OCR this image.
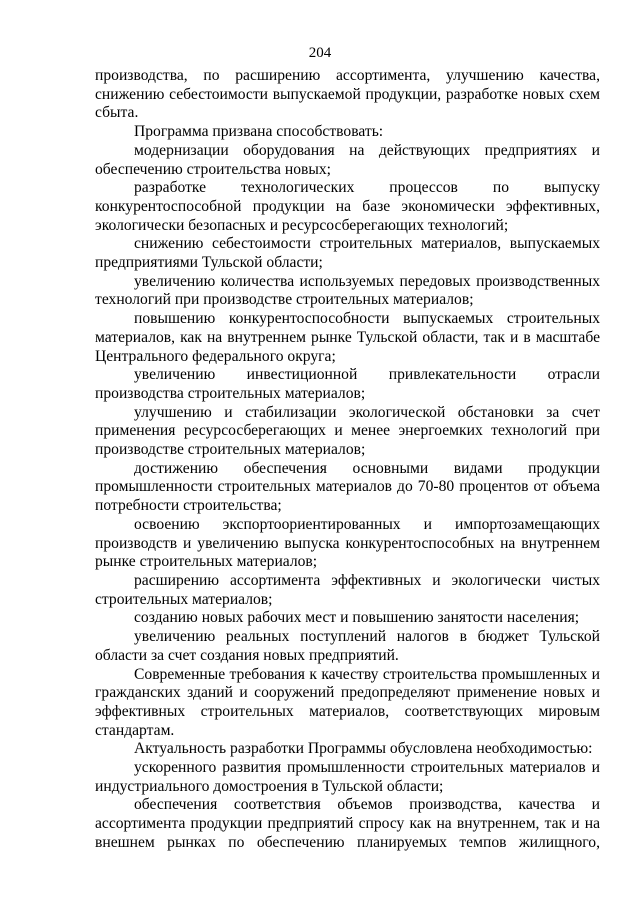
204

производства, по расширению ассортимента, улучшению качества, снижению себестоимости выпускаемой продукции, разработке новых схем сбыта.

Программа призвана способствовать:

модернизации оборудования на действующих предприятиях и обеспечению строительства новых;

разработке технологических процессов по выпуску конкурентоспособной продукции на базе экономически эффективных, экологически безопасных и ресурсосберегающих технологий;

снижению себестоимости строительных материалов, выпускаемых предприятиями Тульской области;

увеличению количества используемых передовых производственных технологий при производстве строительных материалов;

повышению конкурентоспособности выпускаемых строительных материалов, как на внутреннем рынке Тульской области, так и в масштабе Центрального федерального округа;

увеличению инвестиционной привлекательности отрасли производства строительных материалов;

улучшению и стабилизации экологической обстановки за счет применения ресурсосберегающих и менее энергоемких технологий при производстве строительных материалов;

достижению обеспечения основными видами продукции промышленности строительных материалов до 70-80 процентов от объема потребности строительства;

освоению экспортоориентированных и импортозамещающих производств и увеличению выпуска конкурентоспособных на внутреннем рынке строительных материалов;

расширению ассортимента эффективных и экологически чистых строительных материалов;

созданию новых рабочих мест и повышению занятости населения;

увеличению реальных поступлений налогов в бюджет Тульской области за счет создания новых предприятий.

Современные требования к качеству строительства промышленных и гражданских зданий и сооружений предопределяют применение новых и эффективных строительных материалов, соответствующих мировым стандартам.

Актуальность разработки Программы обусловлена необходимостью:

ускоренного развития промышленности строительных материалов и индустриального домостроения в Тульской области;

обеспечения соответствия объемов производства, качества и ассортимента продукции предприятий спросу как на внутреннем, так и на внешнем рынках по обеспечению планируемых темпов жилищного,
